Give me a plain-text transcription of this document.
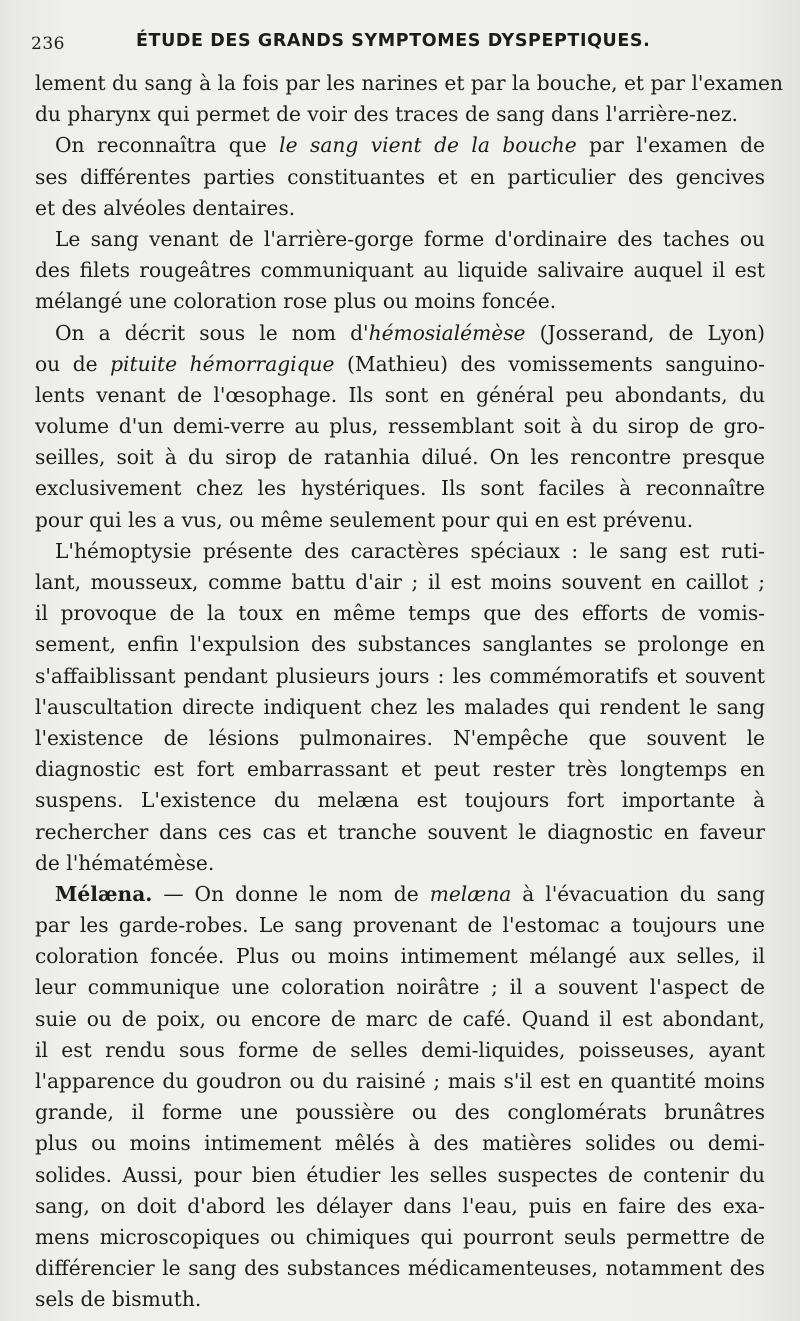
236	ÉTUDE DES GRANDS SYMPTOMES DYSPEPTIQUES.
lement du sang à la fois par les narines et par la bouche, et par l'examen
du pharynx qui permet de voir des traces de sang dans l'arrière-nez.
On reconnaîtra que le sang vient de la bouche par l'examen de
ses différentes parties constituantes et en particulier des gencives
et des alvéoles dentaires.
Le sang venant de l'arrière-gorge forme d'ordinaire des taches ou
des filets rougeâtres communiquant au liquide salivaire auquel il est
mélangé une coloration rose plus ou moins foncée.
On a décrit sous le nom d'hémosialémèse (Josserand, de Lyon)
ou de pituite hémorragique (Mathieu) des vomissements sanguino-
lents venant de l'œsophage. Ils sont en général peu abondants, du
volume d'un demi-verre au plus, ressemblant soit à du sirop de gro-
seilles, soit à du sirop de ratanhia dilué. On les rencontre presque
exclusivement chez les hystériques. Ils sont faciles à reconnaître
pour qui les a vus, ou même seulement pour qui en est prévenu.
L'hémoptysie présente des caractères spéciaux : le sang est ruti-
lant, mousseux, comme battu d'air ; il est moins souvent en caillot ;
il provoque de la toux en même temps que des efforts de vomis-
sement, enfin l'expulsion des substances sanglantes se prolonge en
s'affaiblissant pendant plusieurs jours : les commémoratifs et souvent
l'auscultation directe indiquent chez les malades qui rendent le sang
l'existence de lésions pulmonaires. N'empêche que souvent le
diagnostic est fort embarrassant et peut rester très longtemps en
suspens. L'existence du melæna est toujours fort importante à
rechercher dans ces cas et tranche souvent le diagnostic en faveur
de l'hématémèse.
Mélæna. — On donne le nom de melæna à l'évacuation du sang
par les garde-robes. Le sang provenant de l'estomac a toujours une
coloration foncée. Plus ou moins intimement mélangé aux selles, il
leur communique une coloration noirâtre ; il a souvent l'aspect de
suie ou de poix, ou encore de marc de café. Quand il est abondant,
il est rendu sous forme de selles demi-liquides, poisseuses, ayant
l'apparence du goudron ou du raisiné ; mais s'il est en quantité moins
grande, il forme une poussière ou des conglomérats brunâtres
plus ou moins intimement mêlés à des matières solides ou demi-
solides. Aussi, pour bien étudier les selles suspectes de contenir du
sang, on doit d'abord les délayer dans l'eau, puis en faire des exa-
mens microscopiques ou chimiques qui pourront seuls permettre de
différencier le sang des substances médicamenteuses, notamment des
sels de bismuth.
